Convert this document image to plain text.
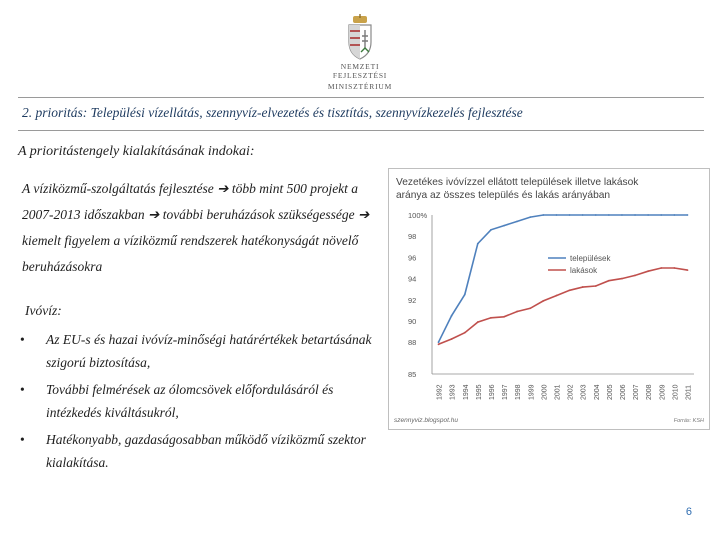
NEMZETI FEJLESZTÉSI
MINISZTÉRIUM
2. prioritás: Települési vízellátás, szennyvíz-elvezetés és tisztítás, szennyvízkezelés fejlesztése
A prioritástengely kialakításának indokai:
A víziközmű-szolgáltatás fejlesztése ➔ több mint 500 projekt a 2007-2013 időszakban ➔ további beruházások szükségessége ➔ kiemelt figyelem a víziközmű rendszerek hatékonyságát növelő beruházásokra
Ivóvíz:
• Az EU-s és hazai ivóvíz-minőségi határértékek betartásának szigorú biztosítása,
• További felmérések az ólomcsövek előfordulásáról és intézkedés kiváltásukról,
• Hatékonyabb, gazdaságosabban működő víziközmű szektor kialakítása.
Vezetékes ivóvízzel ellátott települések illetve lakások
aránya az összes település és lakás arányában
85
88
90
92
94
96
98
100%
1992 1993 1994 1995 1996 1997 1998 1999 2000 2001 2002 2003 2004 2005 2006 2007 2008 2009 2010 2011
települések
lakások
szennyviz.blogspot.hu	Forrás: KSH
6
